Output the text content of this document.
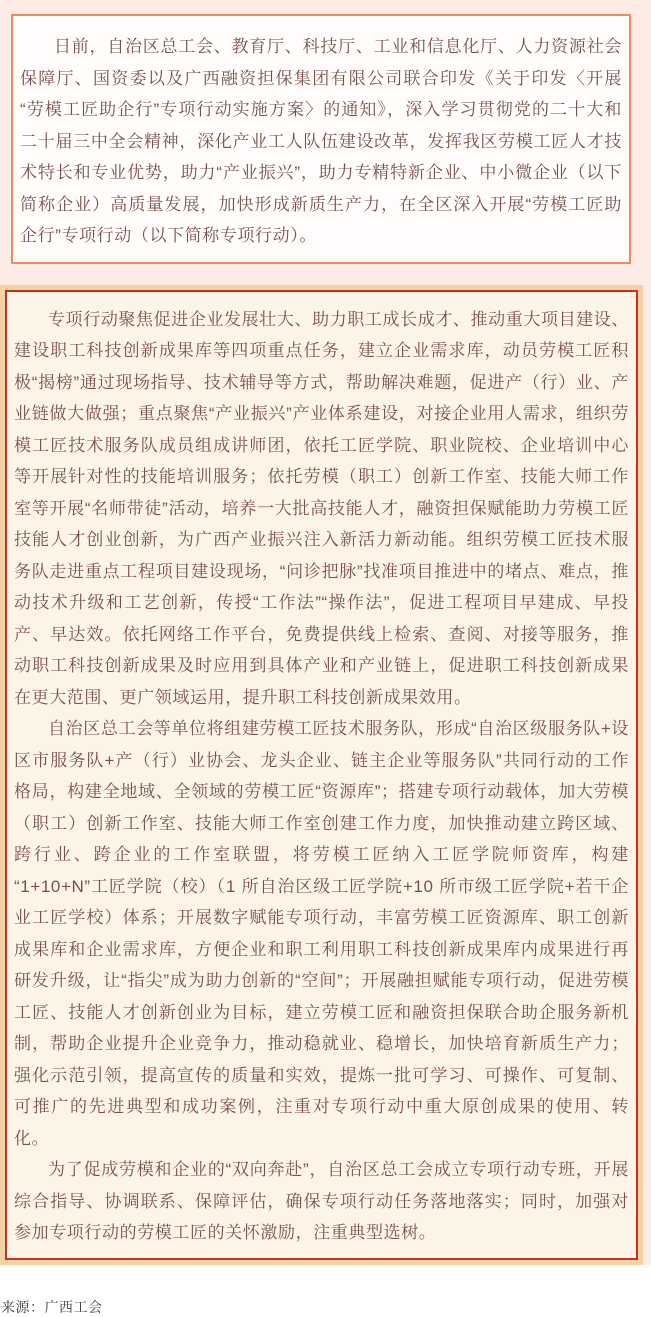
日前，自治区总工会、教育厅、科技厅、工业和信息化厅、人力资源社会保障厅、国资委以及广西融资担保集团有限公司联合印发《关于印发〈开展“劳模工匠助企行”专项行动实施方案〉的通知》，深入学习贯彻党的二十大和二十届三中全会精神，深化产业工人队伍建设改革，发挥我区劳模工匠人才技术特长和专业优势，助力“产业振兴”，助力专精特新企业、中小微企业（以下简称企业）高质量发展，加快形成新质生产力，在全区深入开展“劳模工匠助企行”专项行动（以下简称专项行动）。

专项行动聚焦促进企业发展壮大、助力职工成长成才、推动重大项目建设、建设职工科技创新成果库等四项重点任务，建立企业需求库，动员劳模工匠积极“揭榜”通过现场指导、技术辅导等方式，帮助解决难题，促进产（行）业、产业链做大做强；重点聚焦“产业振兴”产业体系建设，对接企业用人需求，组织劳模工匠技术服务队成员组成讲师团，依托工匠学院、职业院校、企业培训中心等开展针对性的技能培训服务；依托劳模（职工）创新工作室、技能大师工作室等开展“名师带徒”活动，培养一大批高技能人才，融资担保赋能助力劳模工匠技能人才创业创新，为广西产业振兴注入新活力新动能。组织劳模工匠技术服务队走进重点工程项目建设现场，“问诊把脉”找准项目推进中的堵点、难点，推动技术升级和工艺创新，传授“工作法”“操作法”，促进工程项目早建成、早投产、早达效。依托网络工作平台，免费提供线上检索、查阅、对接等服务，推动职工科技创新成果及时应用到具体产业和产业链上，促进职工科技创新成果在更大范围、更广领域运用，提升职工科技创新成果效用。

自治区总工会等单位将组建劳模工匠技术服务队，形成“自治区级服务队+设区市服务队+产（行）业协会、龙头企业、链主企业等服务队”共同行动的工作格局，构建全地域、全领域的劳模工匠“资源库”；搭建专项行动载体，加大劳模（职工）创新工作室、技能大师工作室创建工作力度，加快推动建立跨区域、跨行业、跨企业的工作室联盟，将劳模工匠纳入工匠学院师资库，构建“1+10+N”工匠学院（校）（1 所自治区级工匠学院+10 所市级工匠学院+若干企业工匠学校）体系；开展数字赋能专项行动，丰富劳模工匠资源库、职工创新成果库和企业需求库，方便企业和职工利用职工科技创新成果库内成果进行再研发升级，让“指尖”成为助力创新的“空间”；开展融担赋能专项行动，促进劳模工匠、技能人才创新创业为目标，建立劳模工匠和融资担保联合助企服务新机制，帮助企业提升企业竞争力，推动稳就业、稳增长，加快培育新质生产力；强化示范引领，提高宣传的质量和实效，提炼一批可学习、可操作、可复制、可推广的先进典型和成功案例，注重对专项行动中重大原创成果的使用、转化。

为了促成劳模和企业的“双向奔赴”，自治区总工会成立专项行动专班，开展综合指导、协调联系、保障评估，确保专项行动任务落地落实；同时，加强对参加专项行动的劳模工匠的关怀激励，注重典型选树。

来源：广西工会
